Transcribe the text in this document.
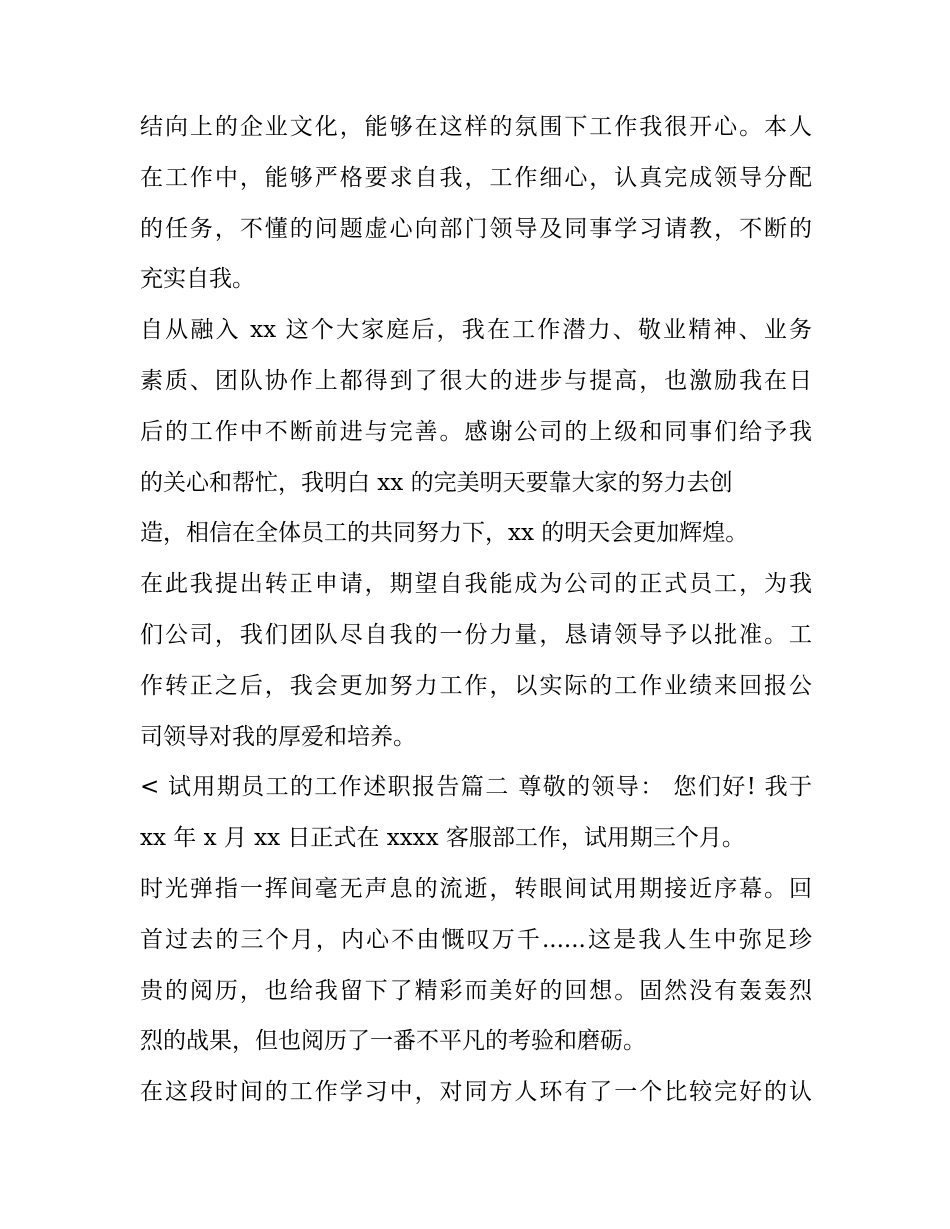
结向上的企业文化，能够在这样的氛围下工作我很开心。本人
在工作中，能够严格要求自我，工作细心，认真完成领导分配
的任务，不懂的问题虚心向部门领导及同事学习请教，不断的
充实自我。
自从融入 xx 这个大家庭后，我在工作潜力、敬业精神、业务
素质、团队协作上都得到了很大的进步与提高，也激励我在日
后的工作中不断前进与完善。感谢公司的上级和同事们给予我
的关心和帮忙，我明白 xx 的完美明天要靠大家的努力去创
造，相信在全体员工的共同努力下，xx 的明天会更加辉煌。
在此我提出转正申请，期望自我能成为公司的正式员工，为我
们公司，我们团队尽自我的一份力量，恳请领导予以批准。工
作转正之后，我会更加努力工作，以实际的工作业绩来回报公
司领导对我的厚爱和培养。
< 试用期员工的工作述职报告篇二 尊敬的领导： 您们好! 我于
xx 年 x 月 xx 日正式在 xxxx 客服部工作，试用期三个月。
时光弹指一挥间毫无声息的流逝，转眼间试用期接近序幕。回
首过去的三个月，内心不由慨叹万千......这是我人生中弥足珍
贵的阅历，也给我留下了精彩而美好的回想。固然没有轰轰烈
烈的战果，但也阅历了一番不平凡的考验和磨砺。
在这段时间的工作学习中，对同方人环有了一个比较完好的认
